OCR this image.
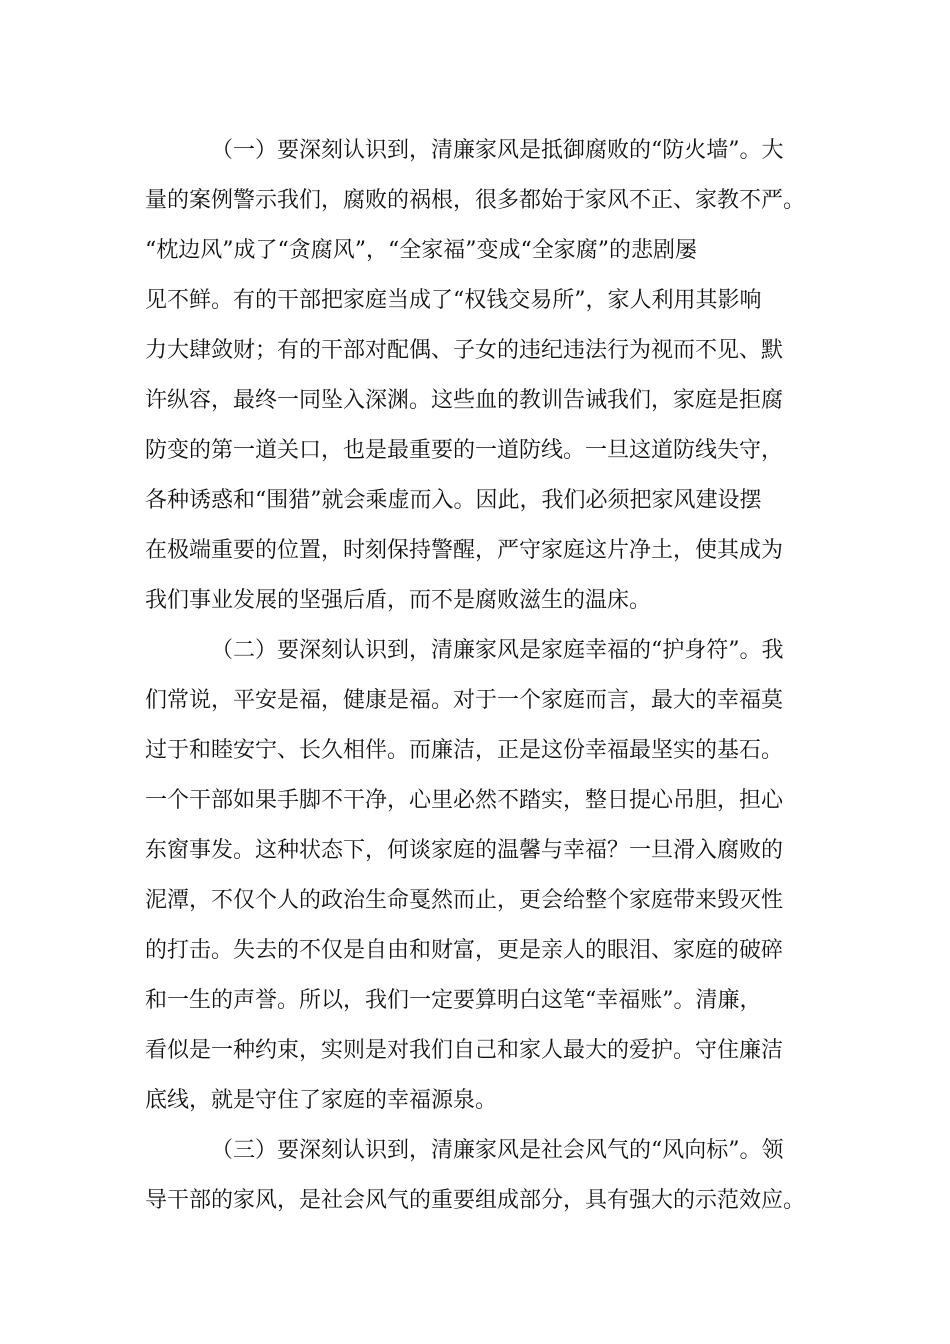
（一）要深刻认识到，清廉家风是抵御腐败的“防火墙”。大
量的案例警示我们，腐败的祸根，很多都始于家风不正、家教不严。
“枕边风”成了“贪腐风”，“全家福”变成“全家腐”的悲剧屡
见不鲜。有的干部把家庭当成了“权钱交易所”，家人利用其影响
力大肆敛财；有的干部对配偶、子女的违纪违法行为视而不见、默
许纵容，最终一同坠入深渊。这些血的教训告诫我们，家庭是拒腐
防变的第一道关口，也是最重要的一道防线。一旦这道防线失守，
各种诱惑和“围猎”就会乘虚而入。因此，我们必须把家风建设摆
在极端重要的位置，时刻保持警醒，严守家庭这片净土，使其成为
我们事业发展的坚强后盾，而不是腐败滋生的温床。
（二）要深刻认识到，清廉家风是家庭幸福的“护身符”。我
们常说，平安是福，健康是福。对于一个家庭而言，最大的幸福莫
过于和睦安宁、长久相伴。而廉洁，正是这份幸福最坚实的基石。
一个干部如果手脚不干净，心里必然不踏实，整日提心吊胆，担心
东窗事发。这种状态下，何谈家庭的温馨与幸福？一旦滑入腐败的
泥潭，不仅个人的政治生命戛然而止，更会给整个家庭带来毁灭性
的打击。失去的不仅是自由和财富，更是亲人的眼泪、家庭的破碎
和一生的声誉。所以，我们一定要算明白这笔“幸福账”。清廉，
看似是一种约束，实则是对我们自己和家人最大的爱护。守住廉洁
底线，就是守住了家庭的幸福源泉。
（三）要深刻认识到，清廉家风是社会风气的“风向标”。领
导干部的家风，是社会风气的重要组成部分，具有强大的示范效应。
